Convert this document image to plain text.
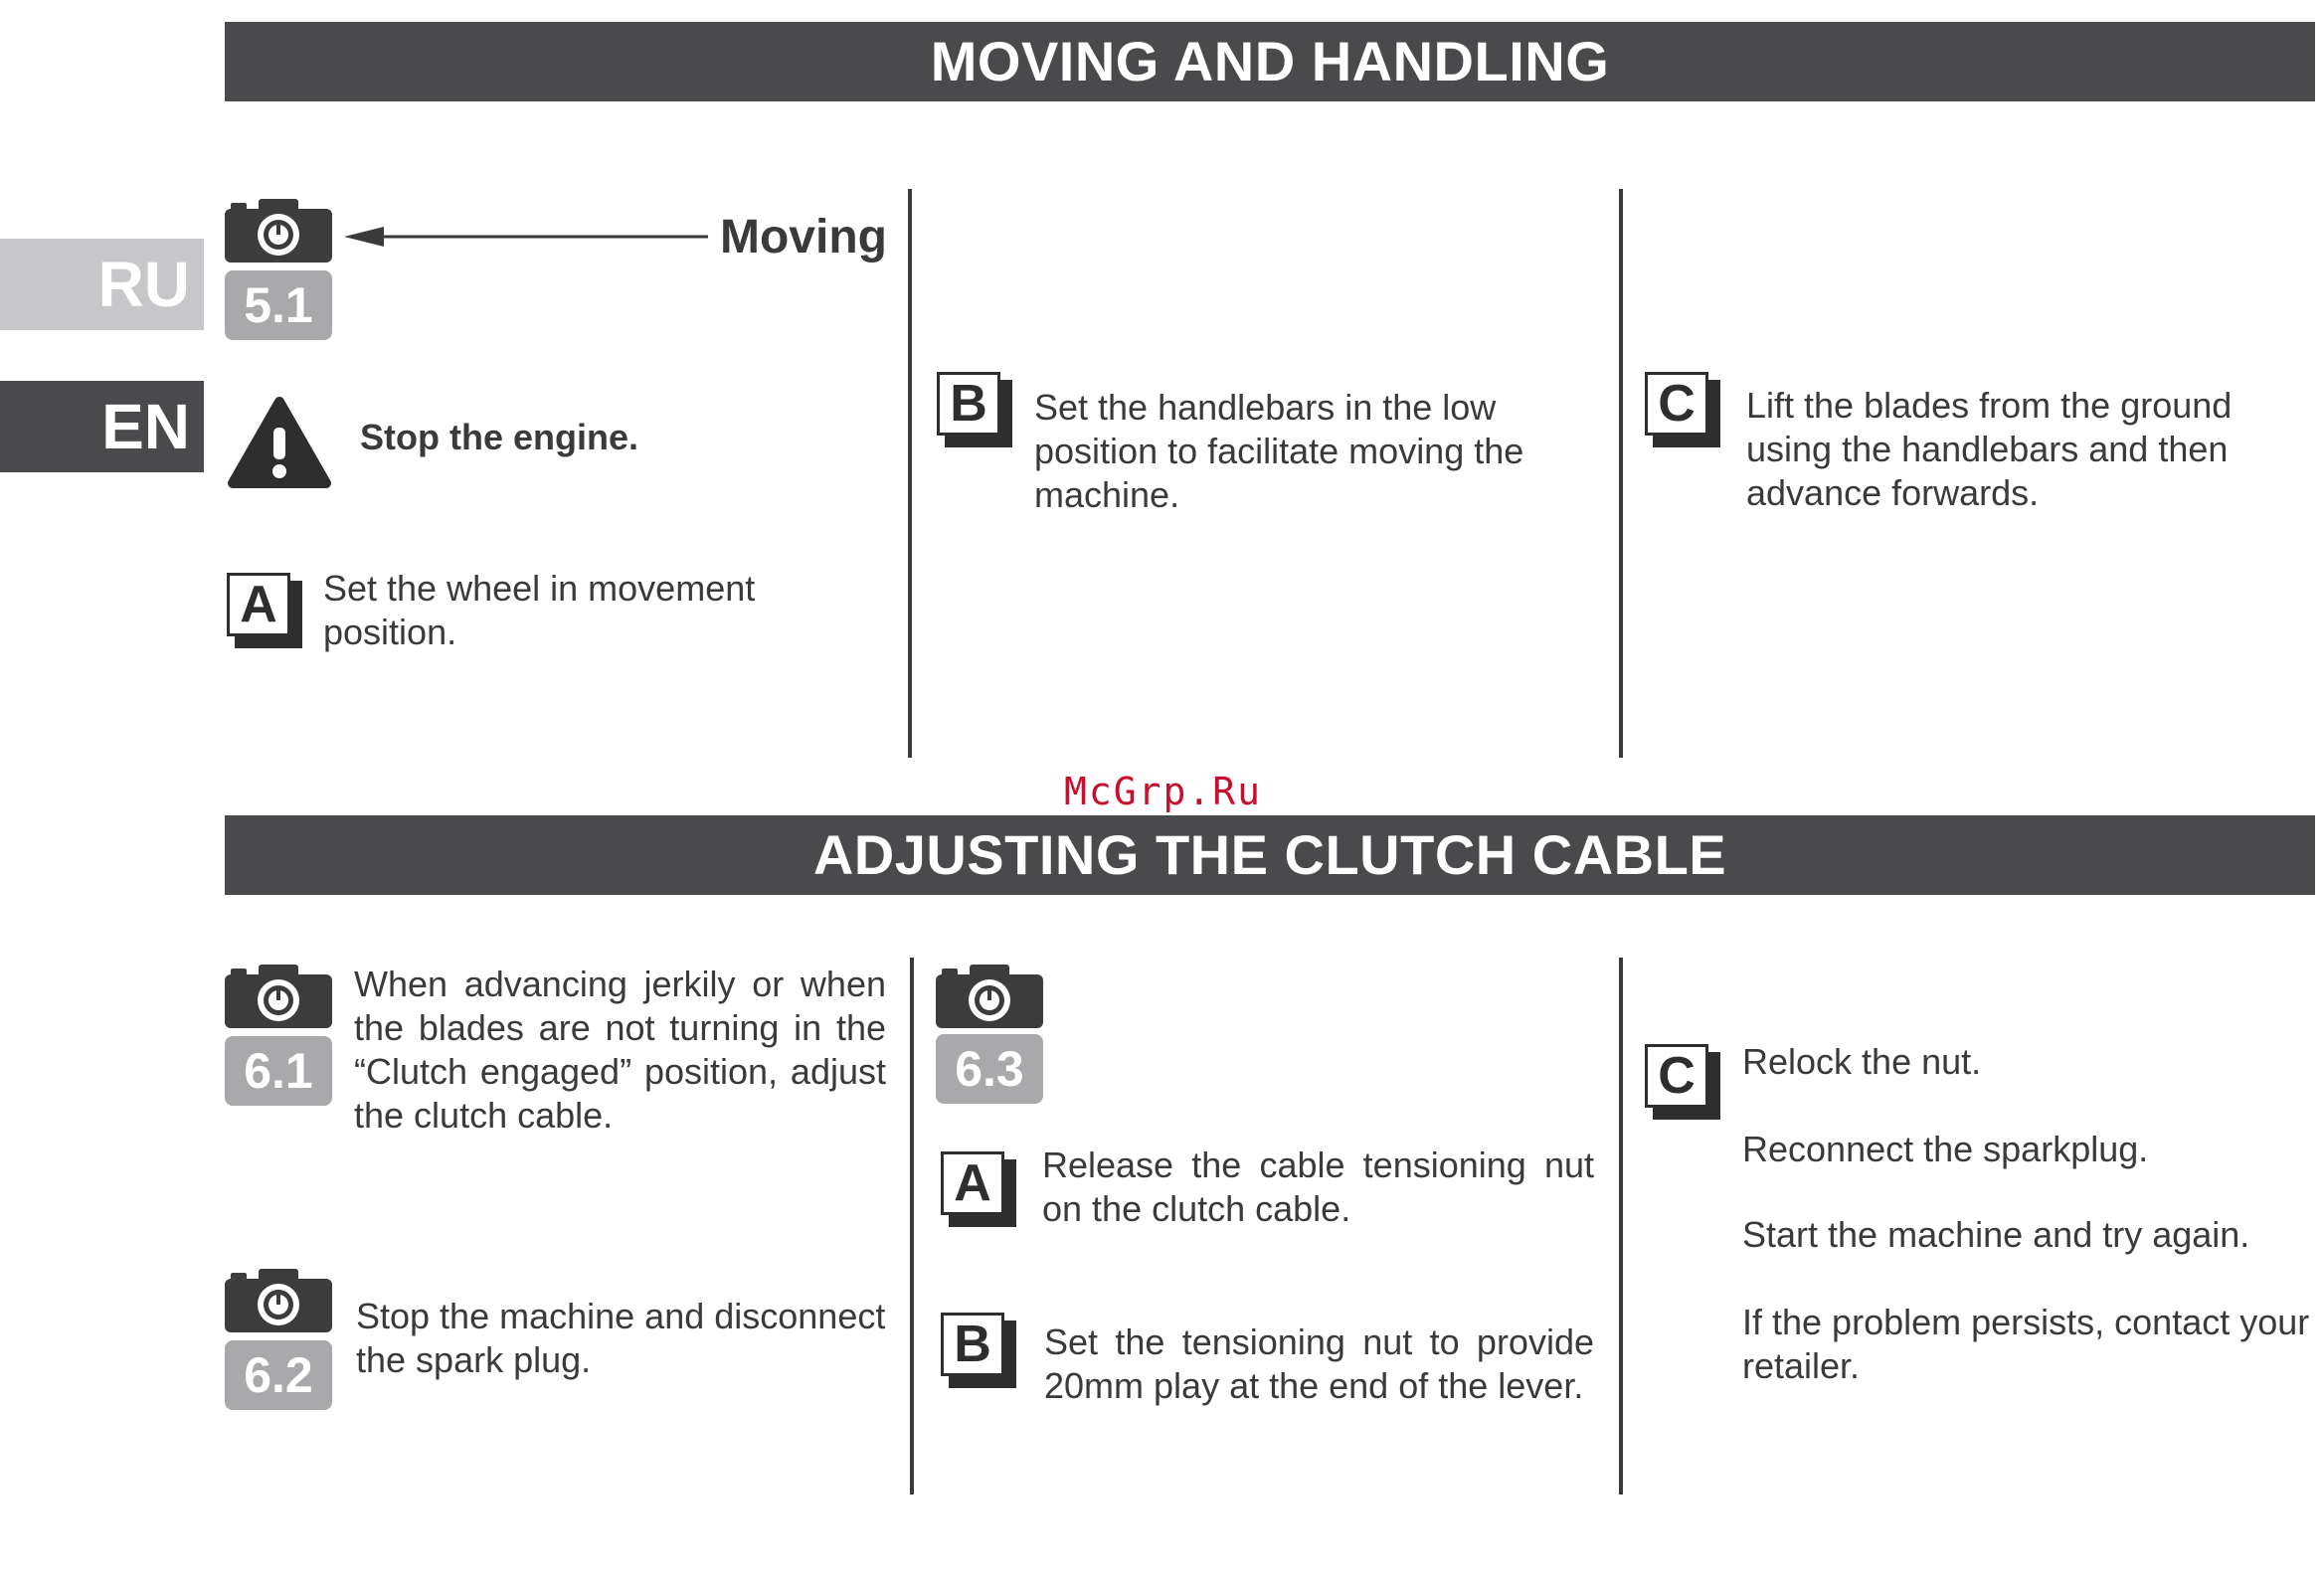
MOVING AND HANDLING
ADJUSTING THE CLUTCH CABLE
RU
EN
5.1
Moving
Stop the engine.
A	Set the wheel in movement position.
B	Set the handlebars in the low position to facilitate moving the machine.
C	Lift the blades from the ground using the handlebars and then advance forwards.
McGrp.Ru
6.1
When advancing jerkily or when the blades are not turning in the “Clutch engaged” position, adjust the clutch cable.
6.2
Stop the machine and disconnect the spark plug.
6.3
A	Release the cable tensioning nut on the clutch cable.
B	Set the tensioning nut to provide 20mm play at the end of the lever.
C	Relock the nut.
Reconnect the sparkplug.
Start the machine and try again.
If the problem persists, contact your retailer.
